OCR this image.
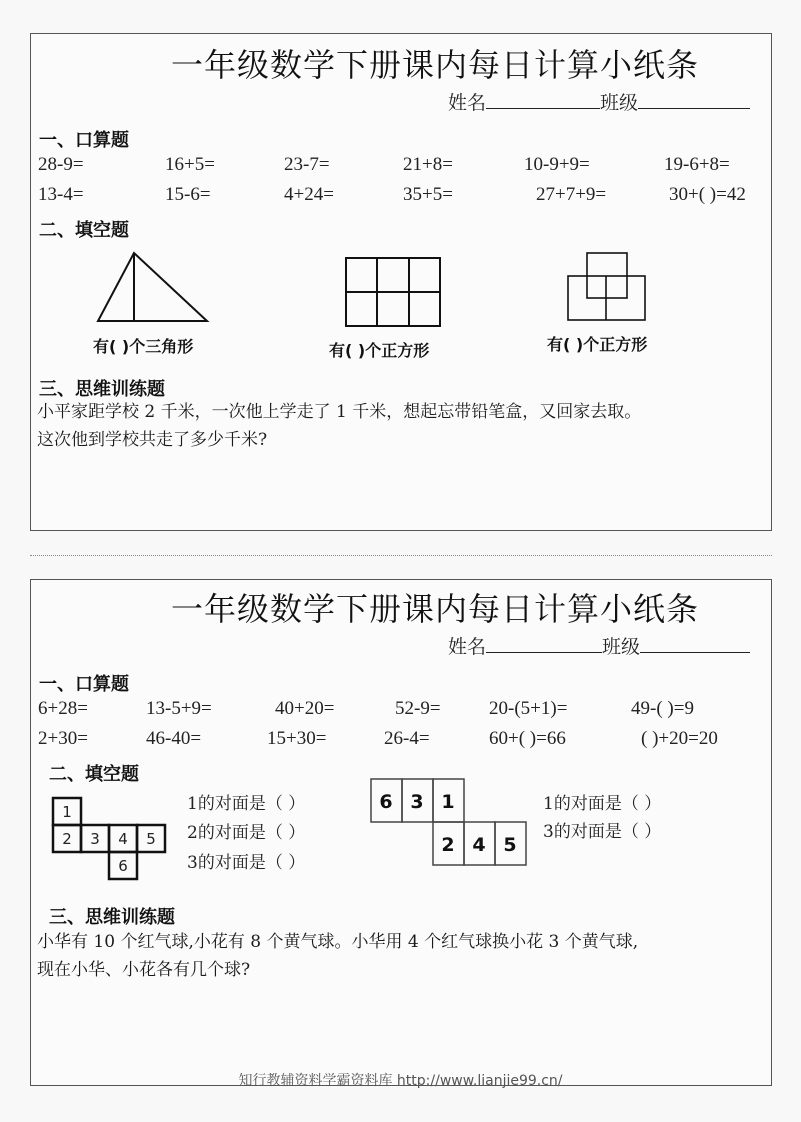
一年级数学下册课内每日计算小纸条
姓名	班级
一、口算题
28-9=	16+5=	23-7=	21+8=	10-9+9=	19-6+8=
13-4=	15-6=	4+24=	35+5=	27+7+9=	30+( )=42
二、填空题
有( )个三角形	有( )个正方形	有( )个正方形
三、思维训练题
小平家距学校 2 千米，一次他上学走了 1 千米，想起忘带铅笔盒，又回家去取。
这次他到学校共走了多少千米?
一年级数学下册课内每日计算小纸条
姓名	班级
一、口算题
6+28=	13-5+9=	40+20=	52-9=	20-(5+1)=	49-( )=9
2+30=	46-40=	15+30=	26-4=	60+( )=66	( )+20=20
二、填空题
1
2 3 4 5
6
1的对面是（ ）
2的对面是（ ）
3的对面是（ ）
6 3 1
2 4 5
1的对面是（ ）
3的对面是（ ）
三、思维训练题
小华有 10 个红气球,小花有 8 个黄气球。小华用 4 个红气球换小花 3 个黄气球,
现在小华、小花各有几个球?
知行教辅资料学霸资料库 http://www.lianjie99.cn/
